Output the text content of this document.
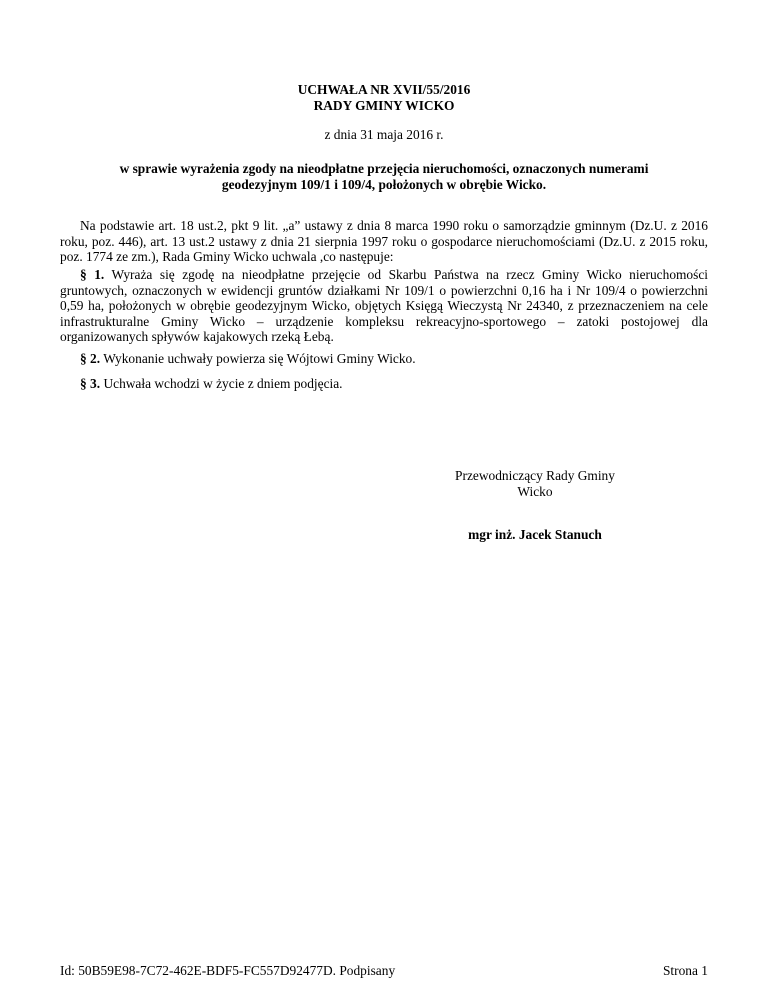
UCHWAŁA NR XVII/55/2016
RADY GMINY WICKO
z dnia 31 maja 2016 r.
w sprawie wyrażenia zgody na nieodpłatne przejęcia nieruchomości, oznaczonych numerami geodezyjnym 109/1 i 109/4, położonych w obrębie Wicko.
Na podstawie art. 18 ust.2, pkt 9 lit. „a” ustawy z dnia 8 marca 1990 roku o samorządzie gminnym (Dz.U. z 2016 roku, poz. 446), art. 13 ust.2 ustawy z dnia 21 sierpnia 1997 roku o gospodarce nieruchomościami (Dz.U. z 2015 roku, poz. 1774 ze zm.), Rada Gminy Wicko uchwala ,co następuje:
§ 1. Wyraża się zgodę na nieodpłatne przejęcie od Skarbu Państwa na rzecz Gminy Wicko nieruchomości gruntowych, oznaczonych w ewidencji gruntów działkami Nr 109/1 o powierzchni 0,16 ha i Nr 109/4 o powierzchni 0,59 ha, położonych w obrębie geodezyjnym Wicko, objętych Księgą Wieczystą Nr 24340, z przeznaczeniem na cele infrastrukturalne Gminy Wicko – urządzenie kompleksu rekreacyjno-sportowego – zatoki postojowej dla organizowanych spływów kajakowych rzeką Łebą.
§ 2. Wykonanie uchwały powierza się Wójtowi Gminy Wicko.
§ 3. Uchwała wchodzi w życie z dniem podjęcia.
Przewodniczący Rady Gminy
Wicko
mgr inż. Jacek Stanuch
Id: 50B59E98-7C72-462E-BDF5-FC557D92477D. Podpisany	Strona 1
